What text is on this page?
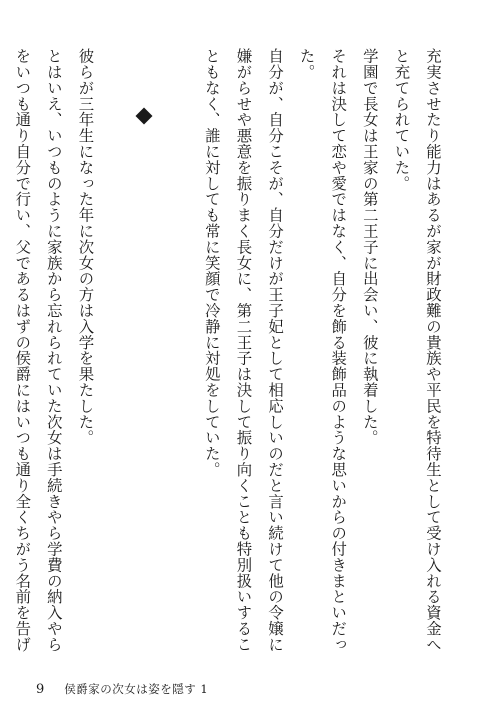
充実させたり能力はあるが家が財政難の貴族や平民を特待生として受け入れる資金へと充てられていた。

学園で長女は王家の第二王子に出会い、彼に執着した。

それは決して恋や愛ではなく、自分を飾る装飾品のような思いからの付きまといだった。

自分が、自分こそが、自分だけが王子妃として相応しいのだと言い続けて他の令嬢に嫌がらせや悪意を振りまく長女に、第二王子は決して振り向くことも特別扱いすることもなく、誰に対しても常に笑顔で冷静に対処をしていた。

彼らが三年生になった年に次女の方は入学を果たした。

とはいえ、いつものように家族から忘れられていた次女は手続きやら学費の納入やらをいつも通り自分で行い、父であるはずの侯爵にはいつも通り全くちがう名前を告げ

9 侯爵家の次女は姿を隠す 1
